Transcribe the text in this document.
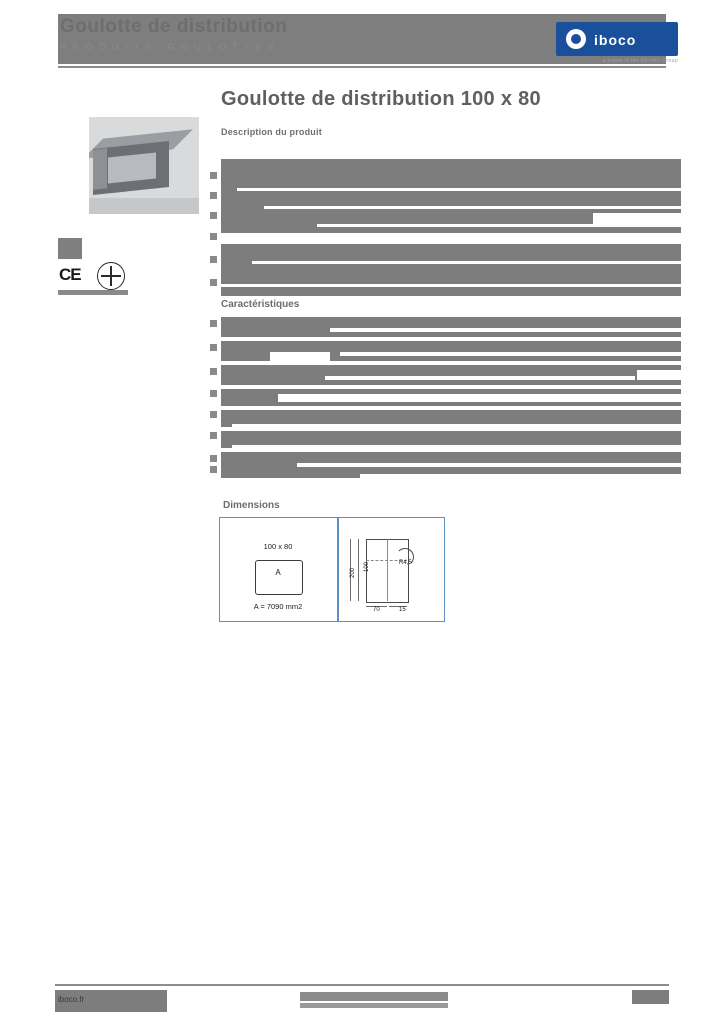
Goulotte de distribution
P R O D U I T S · G O U L O T T E S	iboco
a brand of the REHAU Group
CE
Goulotte de distribution 100 x 80
Description du produit
Caractéristiques
Dimensions
100 x 80
A
A = 7090 mm2
200
100	R4,5
70	15
iboco.fr
